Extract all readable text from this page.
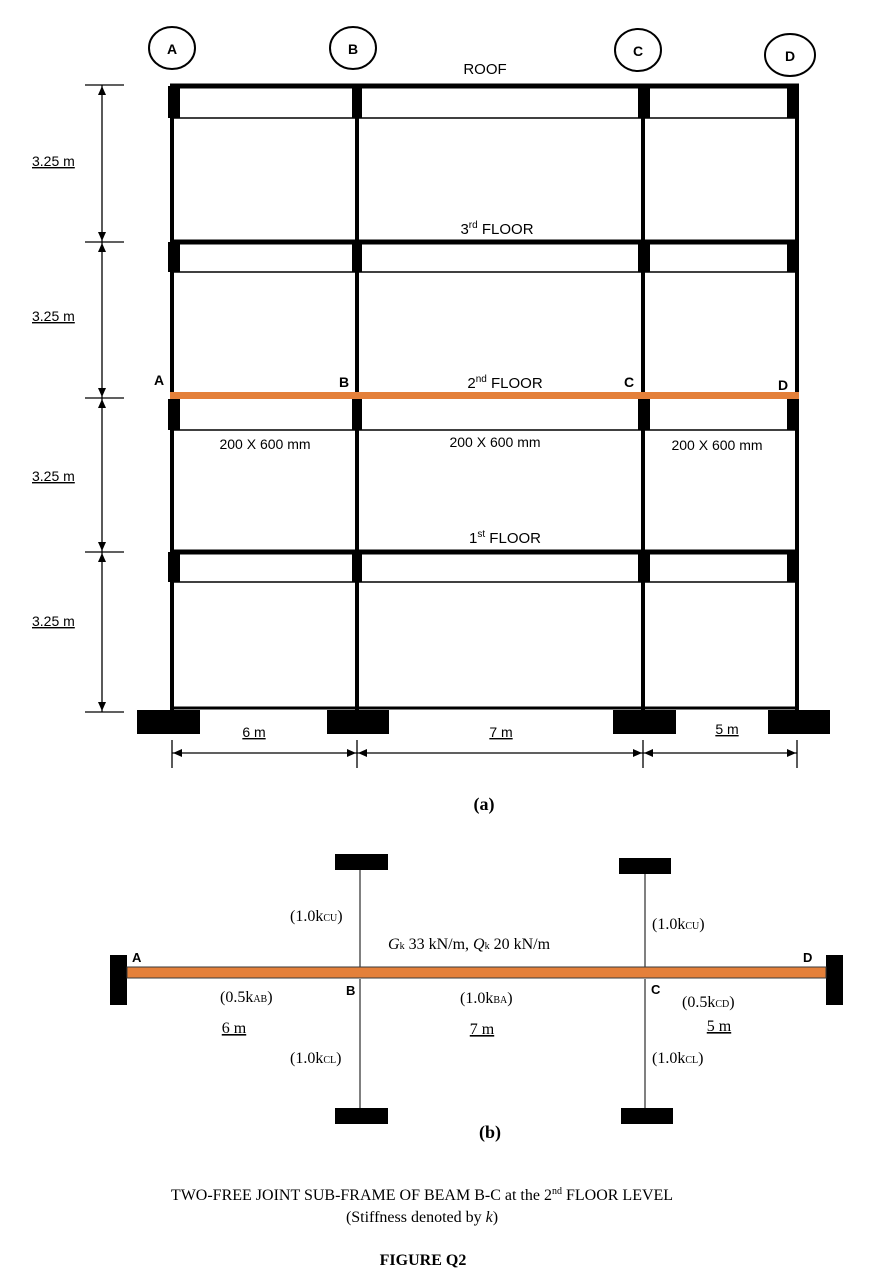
A	B	C	D
ROOF
3rd FLOOR
2nd FLOOR
1st FLOOR
A	B	C	D
200 X 600 mm	200 X 600 mm	200 X 600 mm
3.25 m
3.25 m
3.25 m
3.25 m
6 m	7 m	5 m
(a)
A
B	C
D
(1.0kCU)	(1.0kCU)
(1.0kCL)	(1.0kCL)
(0.5kAB)	(1.0kBA)	(0.5kCD)
Gk 33 kN/m, Qk 20 kN/m
6 m	7 m	5 m
(b)
TWO-FREE JOINT SUB-FRAME OF BEAM B-C at the 2nd FLOOR LEVEL
(Stiffness denoted by k)
FIGURE Q2
